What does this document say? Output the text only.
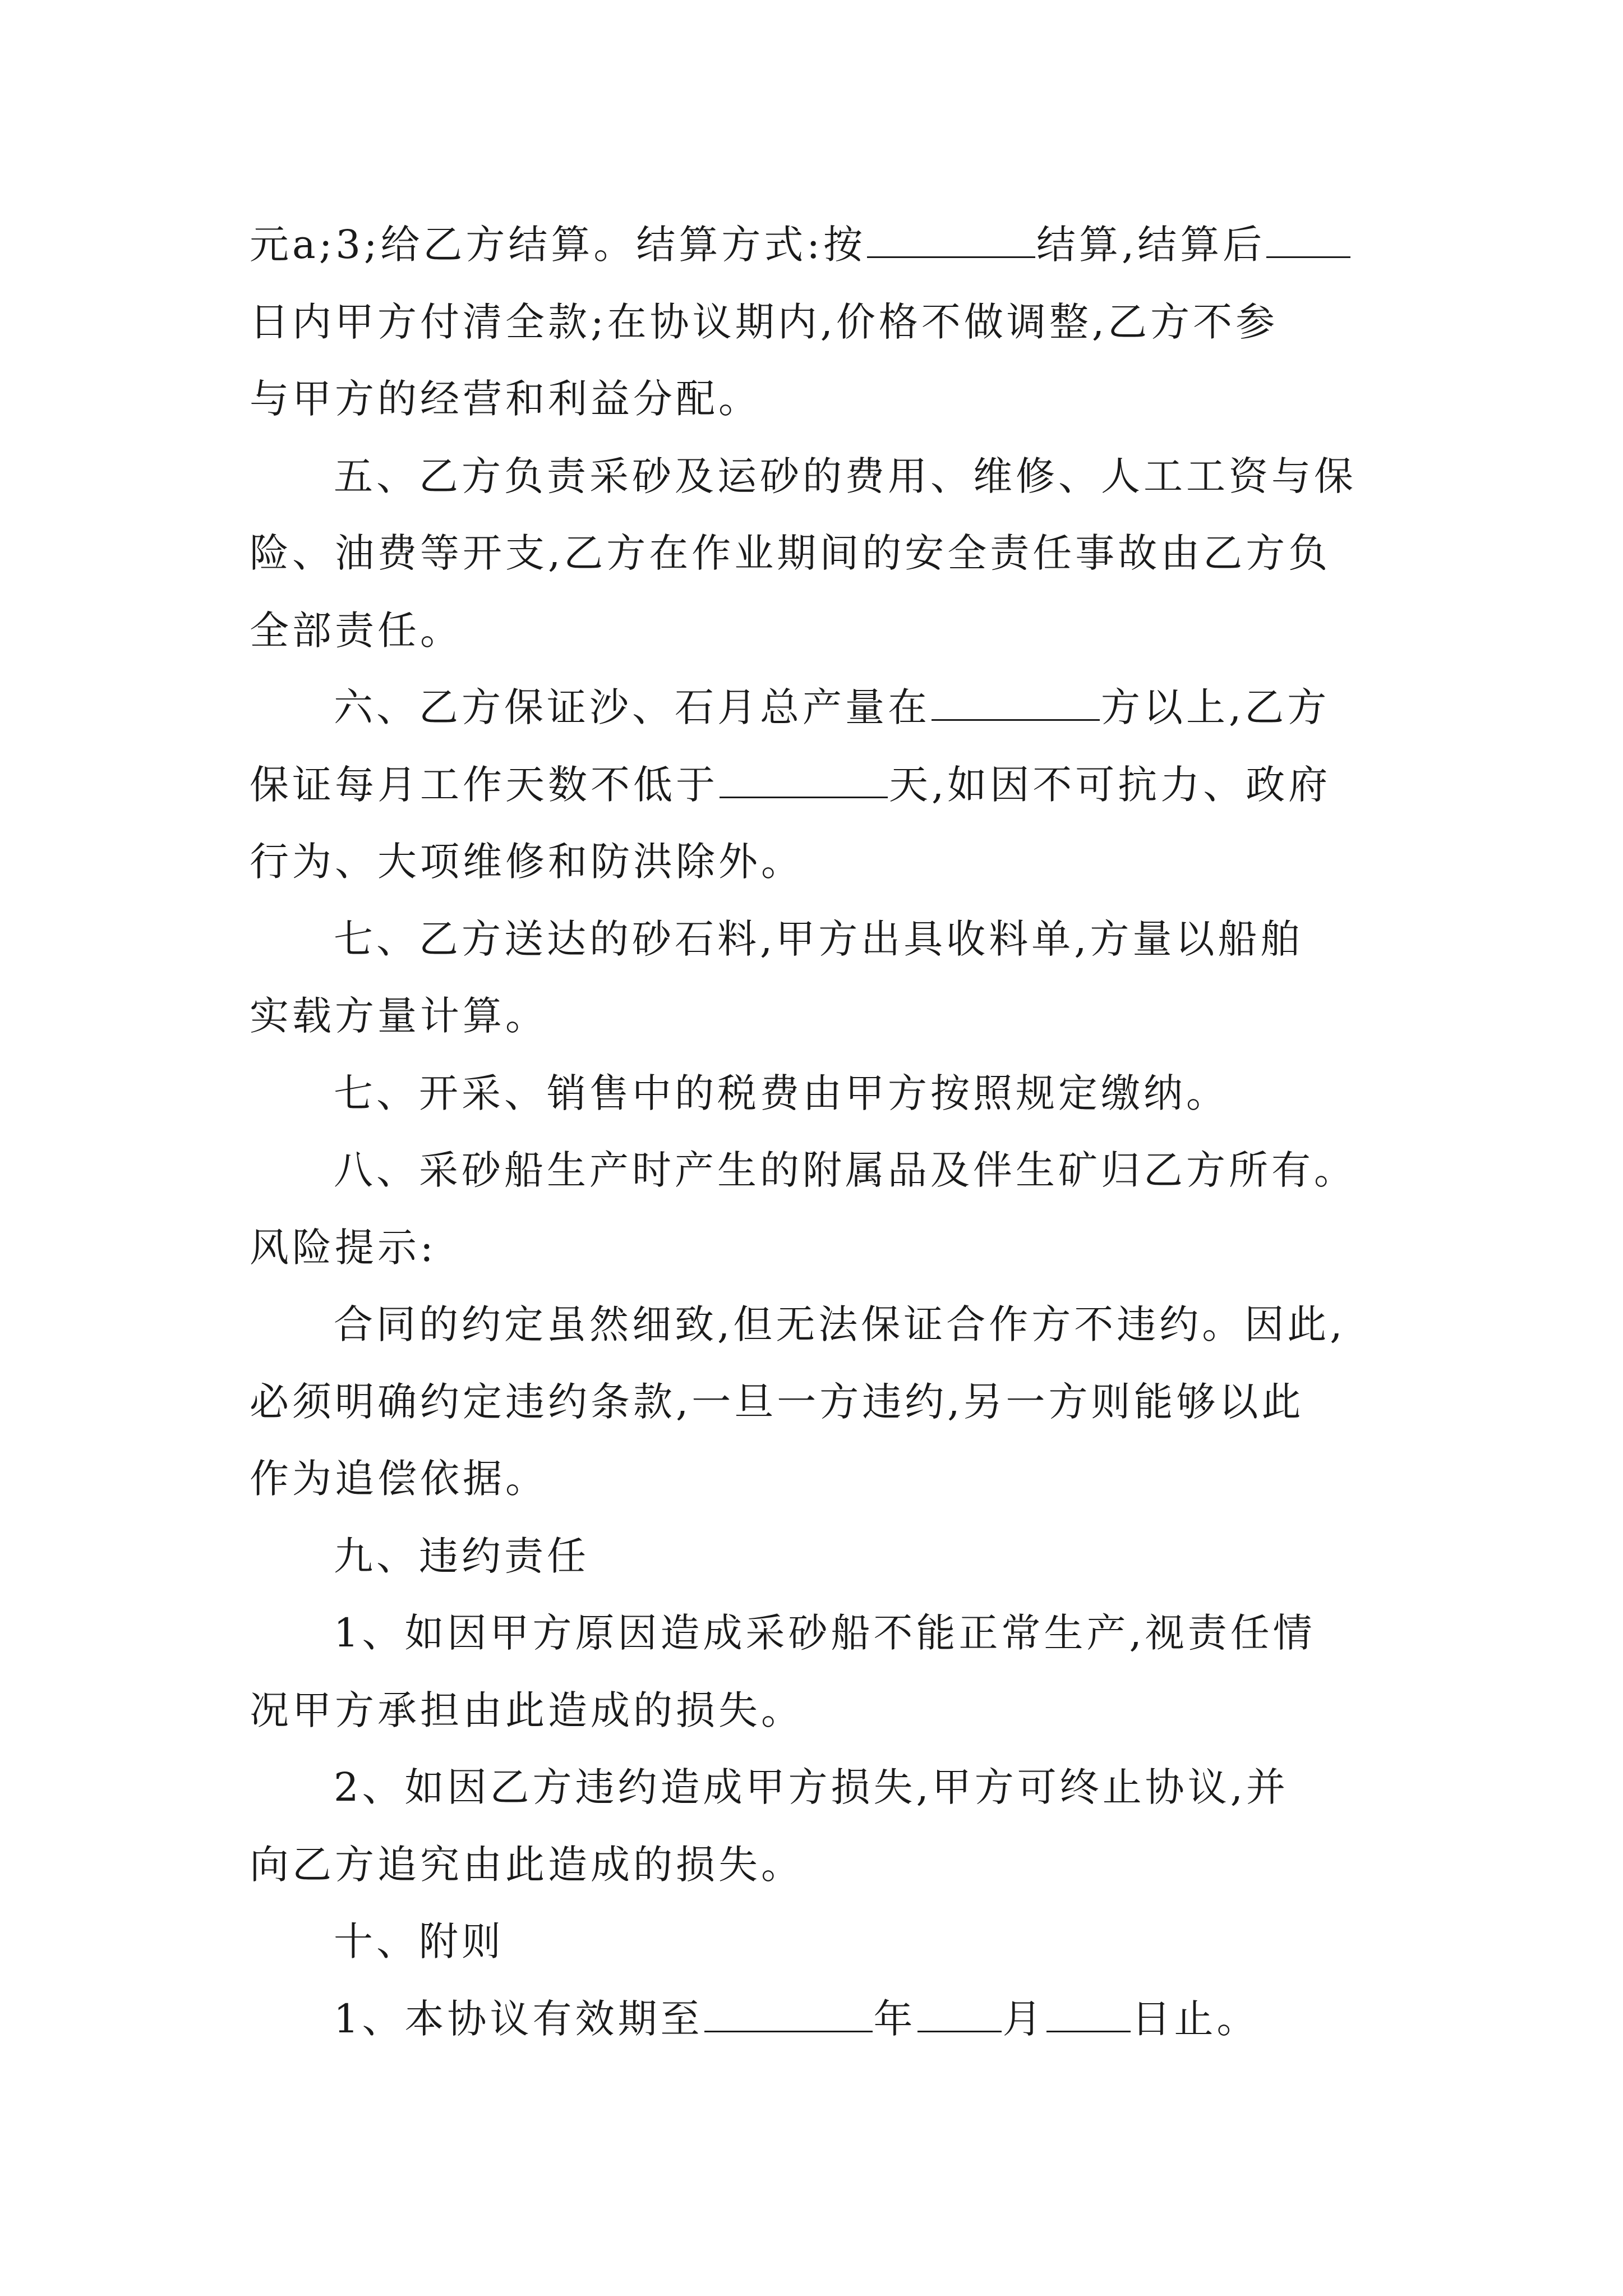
元a;3;给乙方结算。结算方式:按	结算,结算后
日内甲方付清全款;在协议期内,价格不做调整,乙方不参
与甲方的经营和利益分配。
五、乙方负责采砂及运砂的费用、维修、人工工资与保
险、油费等开支,乙方在作业期间的安全责任事故由乙方负
全部责任。
六、乙方保证沙、石月总产量在	方以上,乙方
保证每月工作天数不低于	天,如因不可抗力、政府
行为、大项维修和防洪除外。
七、乙方送达的砂石料,甲方出具收料单,方量以船舶
实载方量计算。
七、开采、销售中的税费由甲方按照规定缴纳。
八、采砂船生产时产生的附属品及伴生矿归乙方所有。
风险提示:
合同的约定虽然细致,但无法保证合作方不违约。因此,
必须明确约定违约条款,一旦一方违约,另一方则能够以此
作为追偿依据。
九、违约责任
1、如因甲方原因造成采砂船不能正常生产,视责任情
况甲方承担由此造成的损失。
2、如因乙方违约造成甲方损失,甲方可终止协议,并
向乙方追究由此造成的损失。
十、附则
1、本协议有效期至	年 月 日止。
